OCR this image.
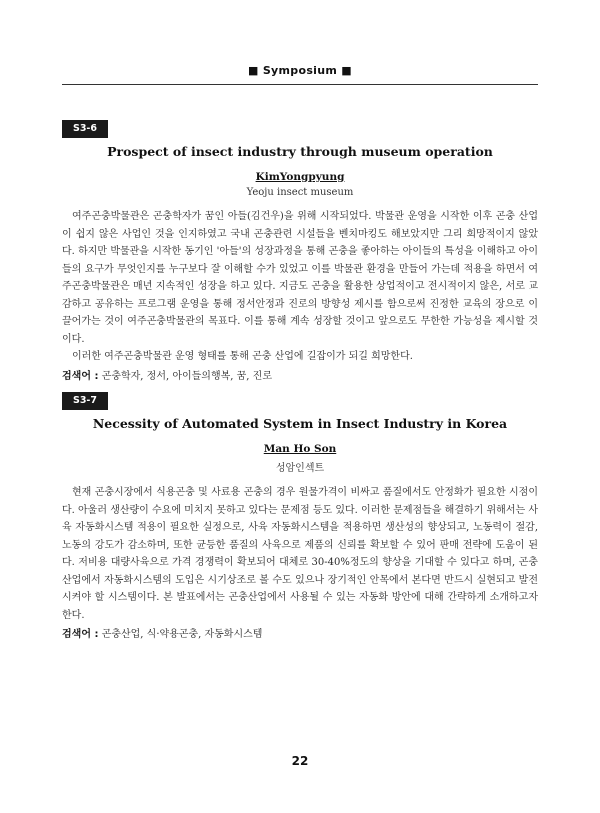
■ Symposium ■
S3-6
Prospect of insect industry through museum operation
KimYongpyung
Yeoju insect museum
여주곤충박물관은 곤충학자가 꿈인 아들(김건우)을 위해 시작되었다. 박물관 운영을 시작한 이후 곤충 산업이 쉽지 않은 사업인 것을 인지하였고 국내 곤충관련 시설들을 벤치마킹도 해보았지만 그리 희망적이지 않았다. 하지만 박물관을 시작한 동기인 '아들'의 성장과정을 통해 곤충을 좋아하는 아이들의 특성을 이해하고 아이들의 요구가 무엇인지를 누구보다 잘 이해할 수가 있었고 이를 박물관 환경을 만들어 가는데 적용을 하면서 여주곤충박물관은 매년 지속적인 성장을 하고 있다. 지금도 곤충을 활용한 상업적이고 전시적이지 않은, 서로 교감하고 공유하는 프로그램 운영을 통해 정서안정과 진로의 방향성 제시를 함으로써 진정한 교육의 장으로 이끌어가는 것이 여주곤충박물관의 목표다. 이를 통해 계속 성장할 것이고 앞으로도 무한한 가능성을 제시할 것이다.
이러한 여주곤충박물관 운영 형태를 통해 곤충 산업에 길잡이가 되길 희망한다.
검색어 : 곤충학자, 정서, 아이들의행복, 꿈, 진로
S3-7
Necessity of Automated System in Insect Industry in Korea
Man Ho Son
성암인섹트
현재 곤충시장에서 식용곤충 및 사료용 곤충의 경우 원물가격이 비싸고 품질에서도 안정화가 필요한 시점이다. 아울러 생산량이 수요에 미치지 못하고 있다는 문제점 등도 있다. 이러한 문제점들을 해결하기 위해서는 사육 자동화시스템 적용이 필요한 실정으로, 사육 자동화시스템을 적용하면 생산성의 향상되고, 노동력이 절감, 노동의 강도가 감소하며, 또한 균등한 품질의 사육으로 제품의 신뢰를 확보할 수 있어 판매 전략에 도움이 된다. 저비용 대량사육으로 가격 경쟁력이 확보되어 대체로 30-40%정도의 향상을 기대할 수 있다고 하며, 곤충산업에서 자동화시스템의 도입은 시기상조로 볼 수도 있으나 장기적인 안목에서 본다면 반드시 실현되고 발전시켜야 할 시스템이다. 본 발표에서는 곤충산업에서 사용될 수 있는 자동화 방안에 대해 간략하게 소개하고자 한다.
검색어 : 곤충산업, 식·약용곤충, 자동화시스템
22
